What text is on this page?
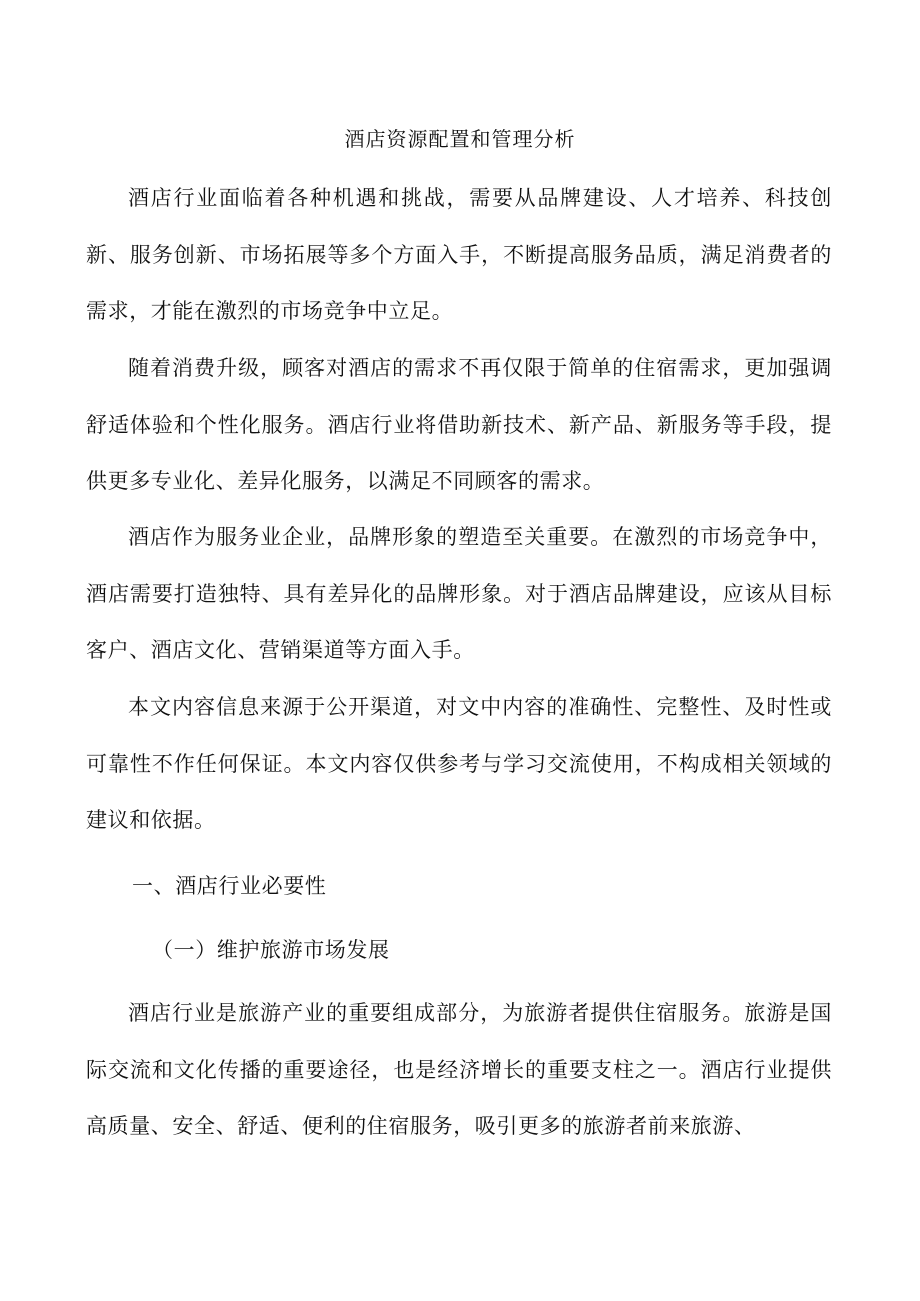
酒店资源配置和管理分析

酒店行业面临着各种机遇和挑战，需要从品牌建设、人才培养、科技创新、服务创新、市场拓展等多个方面入手，不断提高服务品质，满足消费者的需求，才能在激烈的市场竞争中立足。

随着消费升级，顾客对酒店的需求不再仅限于简单的住宿需求，更加强调舒适体验和个性化服务。酒店行业将借助新技术、新产品、新服务等手段，提供更多专业化、差异化服务，以满足不同顾客的需求。

酒店作为服务业企业，品牌形象的塑造至关重要。在激烈的市场竞争中，酒店需要打造独特、具有差异化的品牌形象。对于酒店品牌建设，应该从目标客户、酒店文化、营销渠道等方面入手。

本文内容信息来源于公开渠道，对文中内容的准确性、完整性、及时性或可靠性不作任何保证。本文内容仅供参考与学习交流使用，不构成相关领域的建议和依据。

一、酒店行业必要性
（一）维护旅游市场发展

酒店行业是旅游产业的重要组成部分，为旅游者提供住宿服务。旅游是国际交流和文化传播的重要途径，也是经济增长的重要支柱之一。酒店行业提供高质量、安全、舒适、便利的住宿服务，吸引更多的旅游者前来旅游、
